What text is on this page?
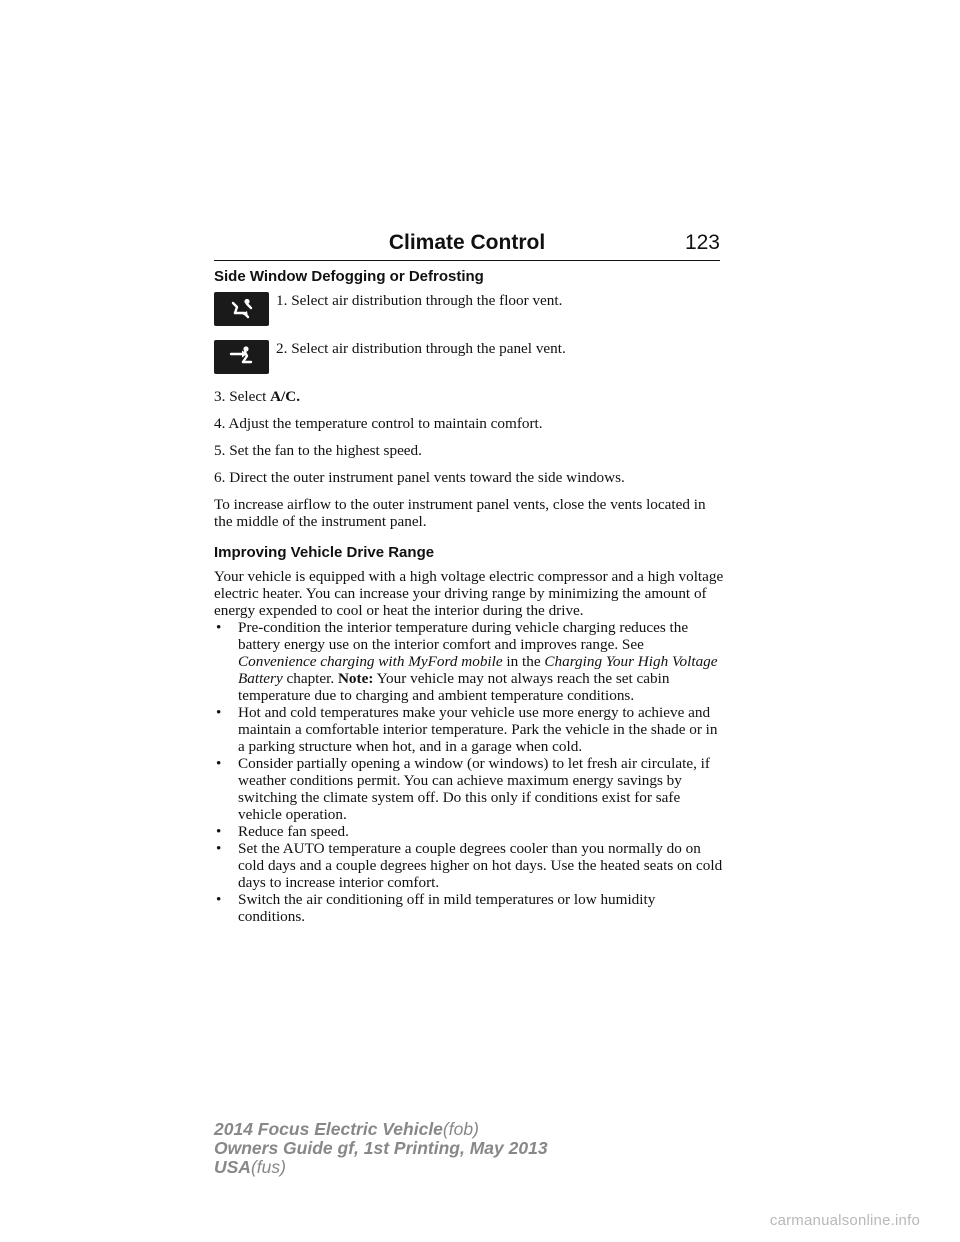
Climate Control	123
Side Window Defogging or Defrosting
1. Select air distribution through the floor vent.
2. Select air distribution through the panel vent.

3. Select A/C.

4. Adjust the temperature control to maintain comfort.

5. Set the fan to the highest speed.

6. Direct the outer instrument panel vents toward the side windows.

To increase airflow to the outer instrument panel vents, close the vents located in the middle of the instrument panel.

Improving Vehicle Drive Range

Your vehicle is equipped with a high voltage electric compressor and a high voltage electric heater. You can increase your driving range by minimizing the amount of energy expended to cool or heat the interior during the drive.

• Pre-condition the interior temperature during vehicle charging reduces the battery energy use on the interior comfort and improves range. See Convenience charging with MyFord mobile in the Charging Your High Voltage Battery chapter. Note: Your vehicle may not always reach the set cabin temperature due to charging and ambient temperature conditions.
• Hot and cold temperatures make your vehicle use more energy to achieve and maintain a comfortable interior temperature. Park the vehicle in the shade or in a parking structure when hot, and in a garage when cold.
• Consider partially opening a window (or windows) to let fresh air circulate, if weather conditions permit. You can achieve maximum energy savings by switching the climate system off. Do this only if conditions exist for safe vehicle operation.
• Reduce fan speed.
• Set the AUTO temperature a couple degrees cooler than you normally do on cold days and a couple degrees higher on hot days. Use the heated seats on cold days to increase interior comfort.
• Switch the air conditioning off in mild temperatures or low humidity conditions.
2014 Focus Electric Vehicle(fob)
Owners Guide gf, 1st Printing, May 2013
USA(fus)
carmanualsonline.info
